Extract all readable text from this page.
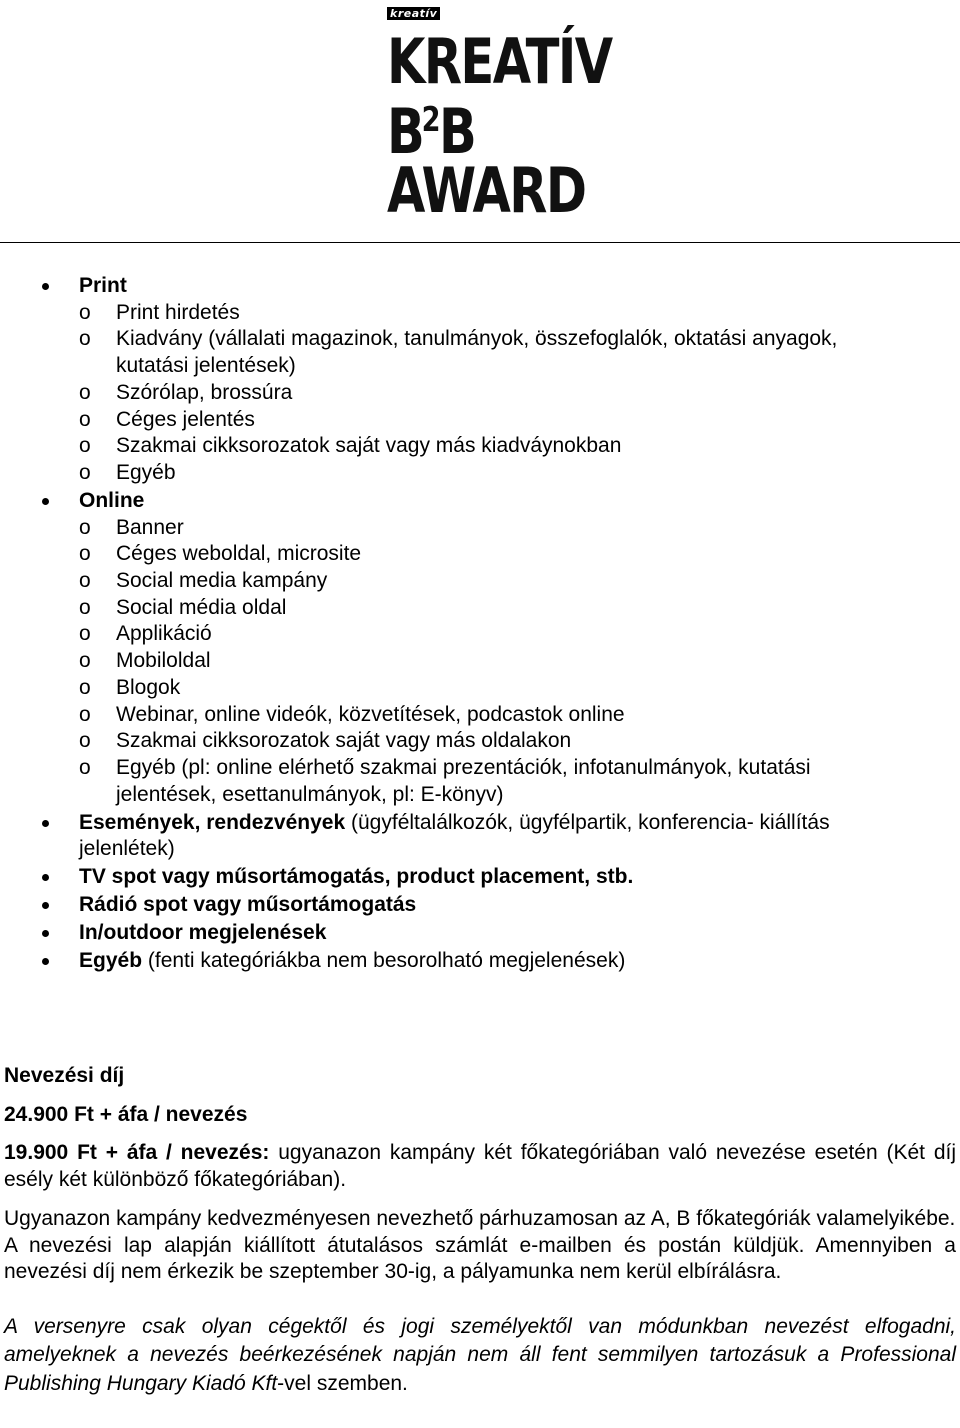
kreatív
KREATÍV
$B^2B$
AWARD
Print
o Print hirdetés
o Kiadvány (vállalati magazinok, tanulmányok, összefoglalók, oktatási anyagok, kutatási jelentések)
o Szórólap, brossúra
o Céges jelentés
o Szakmai cikksorozatok saját vagy más kiadváynokban
o Egyéb
Online
o Banner
o Céges weboldal, microsite
o Social media kampány
o Social média oldal
o Applikáció
o Mobiloldal
o Blogok
o Webinar, online videók, közvetítések, podcastok online
o Szakmai cikksorozatok saját vagy más oldalakon
o Egyéb (pl: online elérhető szakmai prezentációk, infotanulmányok, kutatási jelentések, esettanulmányok, pl: E-könyv)
Események, rendezvények (ügyféltalálkozók, ügyfélpartik, konferencia- kiállítás jelenlétek)
TV spot vagy műsortámogatás, product placement, stb.
Rádió spot vagy műsortámogatás
In/outdoor megjelenések
Egyéb (fenti kategóriákba nem besorolható megjelenések)
Nevezési díj
24.900 Ft + áfa / nevezés
19.900 Ft + áfa / nevezés: ugyanazon kampány két főkategóriában való nevezése esetén (Két díj esély két különböző főkategóriában).
Ugyanazon kampány kedvezményesen nevezhető párhuzamosan az A, B főkategóriák valamelyikébe.
A nevezési lap alapján kiállított átutalásos számlát e-mailben és postán küldjük. Amennyiben a nevezési díj nem érkezik be szeptember 30-ig, a pályamunka nem kerül elbírálásra.
A versenyre csak olyan cégektől és jogi személyektől van módunkban nevezést elfogadni, amelyeknek a nevezés beérkezésének napján nem áll fent semmilyen tartozásuk a Professional Publishing Hungary Kiadó Kft-vel szemben.
